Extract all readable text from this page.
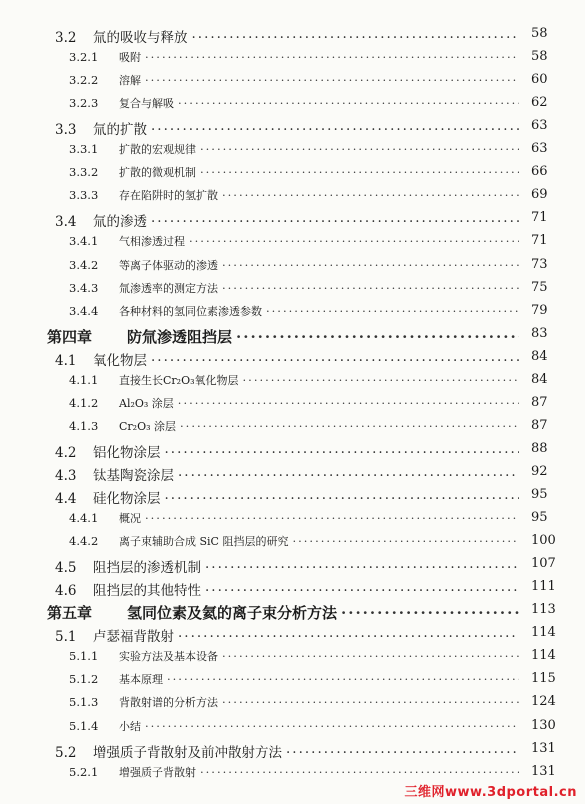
3.2	氚的吸收与释放 ·····	58
3.2.1	吸附 ·····	58
3.2.2	溶解 ·····	60
3.2.3	复合与解吸 ·····	62
3.3	氚的扩散 ·····	63
3.3.1	扩散的宏观规律 ·····	63
3.3.2	扩散的微观机制 ·····	66
3.3.3	存在陷阱时的氢扩散 ·····	69
3.4	氚的渗透 ·····	71
3.4.1	气相渗透过程 ·····	71
3.4.2	等离子体驱动的渗透 ·····	73
3.4.3	氚渗透率的测定方法 ·····	75
3.4.4	各种材料的氢同位素渗透参数 ·····	79
第四章	防氚渗透阻挡层 ·····	83
4.1	氧化物层 ·····	84
4.1.1	直接生长Cr₂O₃氧化物层 ·····	84
4.1.2	Al₂O₃ 涂层 ·····	87
4.1.3	Cr₂O₃ 涂层 ·····	87
4.2	铝化物涂层 ·····	88
4.3	钛基陶瓷涂层 ·····	92
4.4	硅化物涂层 ·····	95
4.4.1	概况 ·····	95
4.4.2	离子束辅助合成 SiC 阻挡层的研究 ·····	100
4.5	阻挡层的渗透机制 ·····	107
4.6	阻挡层的其他特性 ·····	111
第五章	氢同位素及氦的离子束分析方法 ·····	113
5.1	卢瑟福背散射 ·····	114
5.1.1	实验方法及基本设备 ·····	114
5.1.2	基本原理 ·····	115
5.1.3	背散射谱的分析方法 ·····	124
5.1.4	小结 ·····	130
5.2	增强质子背散射及前冲散射方法 ·····	131
5.2.1	增强质子背散射 ·····	131
三维网www.3dportal.cn
